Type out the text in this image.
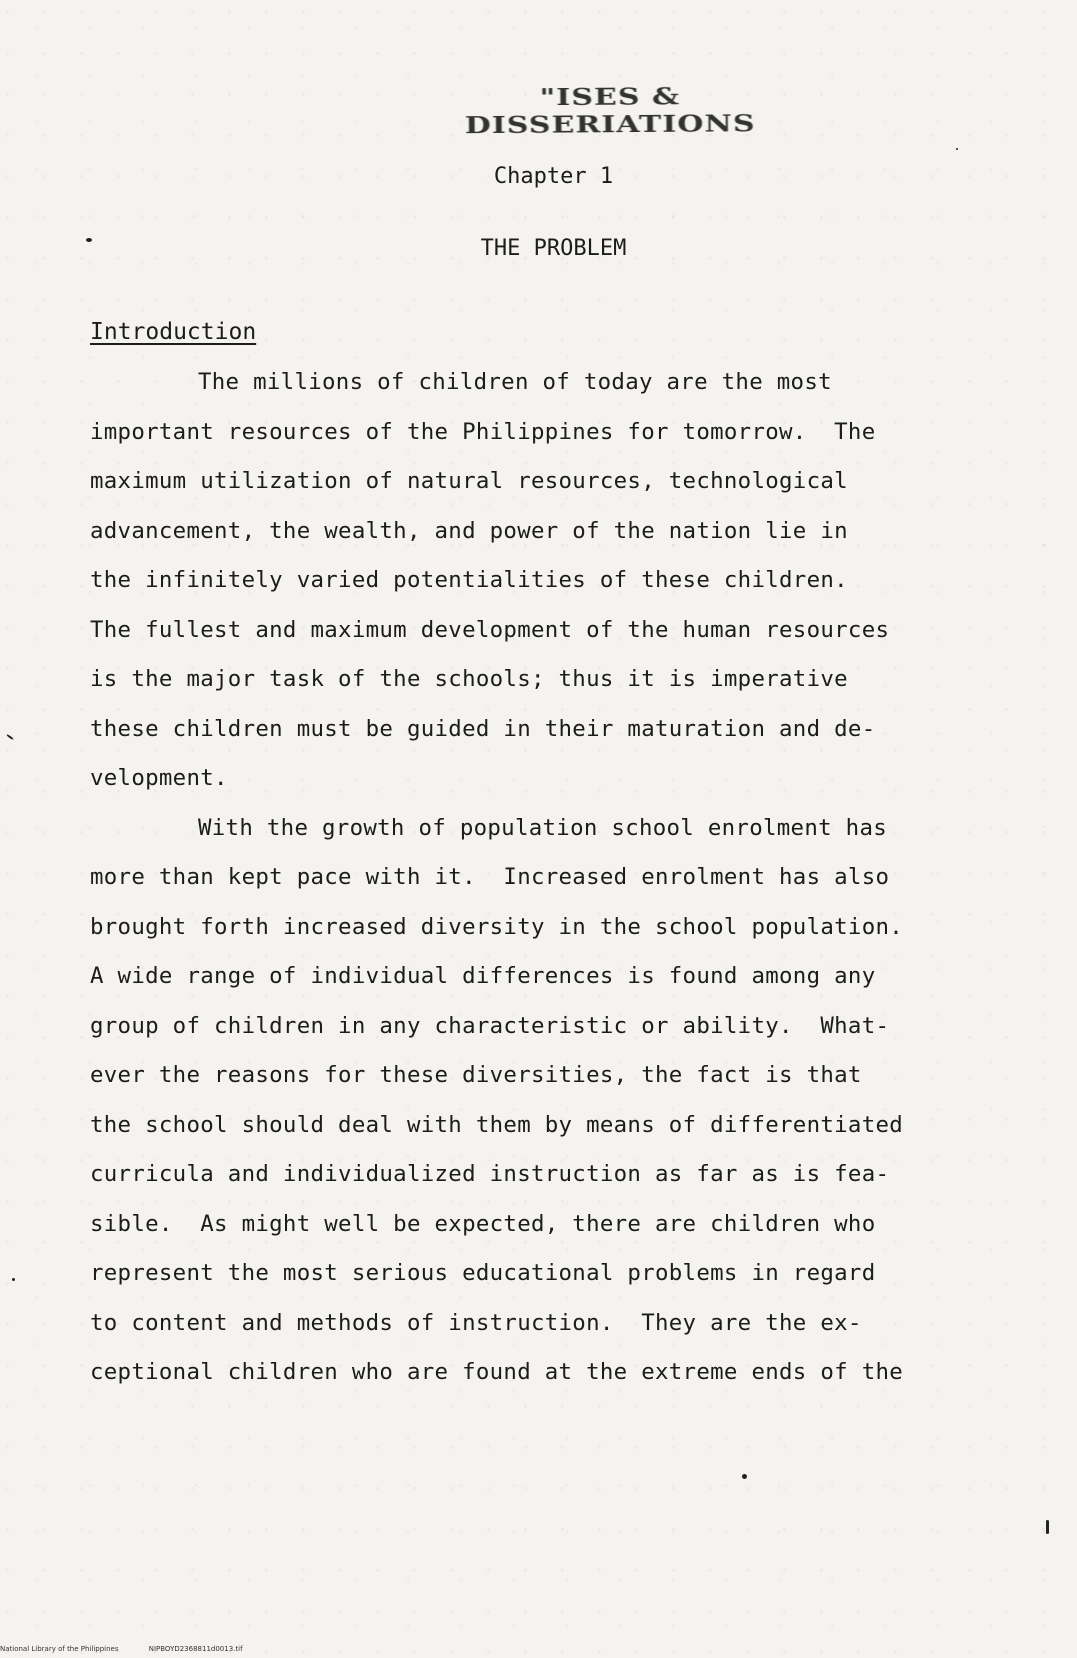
"ISES & DISSERIATIONS
Chapter 1
THE PROBLEM
Introduction
The millions of children of today are the most
important resources of the Philippines for tomorrow.  The
maximum utilization of natural resources, technological
advancement, the wealth, and power of the nation lie in
the infinitely varied potentialities of these children.
The fullest and maximum development of the human resources
is the major task of the schools; thus it is imperative
these children must be guided in their maturation and de-
velopment.
With the growth of population school enrolment has
more than kept pace with it.  Increased enrolment has also
brought forth increased diversity in the school population.
A wide range of individual differences is found among any
group of children in any characteristic or ability.  What-
ever the reasons for these diversities, the fact is that
the school should deal with them by means of differentiated
curricula and individualized instruction as far as is fea-
sible.  As might well be expected, there are children who
represent the most serious educational problems in regard
to content and methods of instruction.  They are the ex-
ceptional children who are found at the extreme ends of the
National Library of the Philippines	NIPBOYD2368811d0013.tif
